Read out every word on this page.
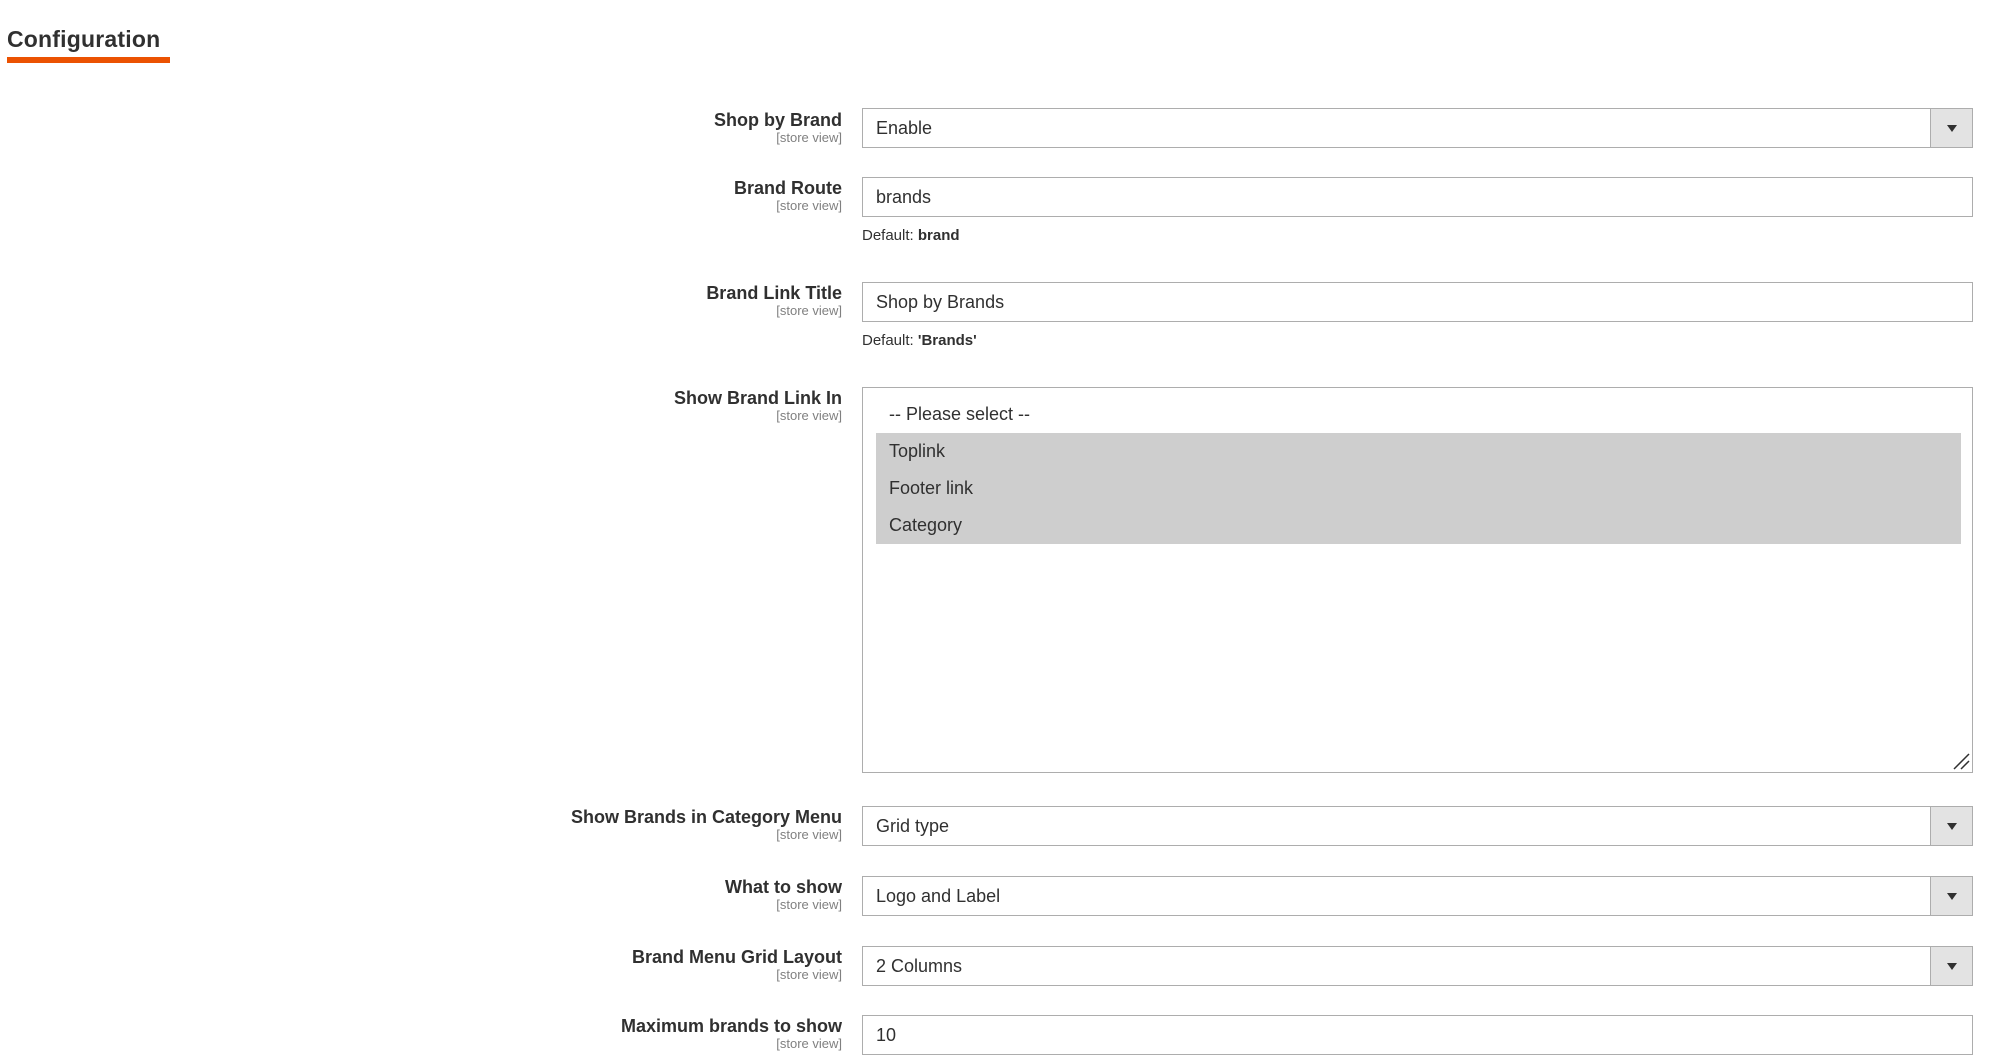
Configuration
Shop by Brand
[store view]	Enable
Brand Route
[store view]	brands
Default: brand
Brand Link Title
[store view]	Shop by Brands
Default: 'Brands'
Show Brand Link In
[store view]	-- Please select --
Toplink
Footer link
Category
Show Brands in Category Menu
[store view]	Grid type
What to show
[store view]	Logo and Label
Brand Menu Grid Layout
[store view]	2 Columns
Maximum brands to show
[store view]	10
